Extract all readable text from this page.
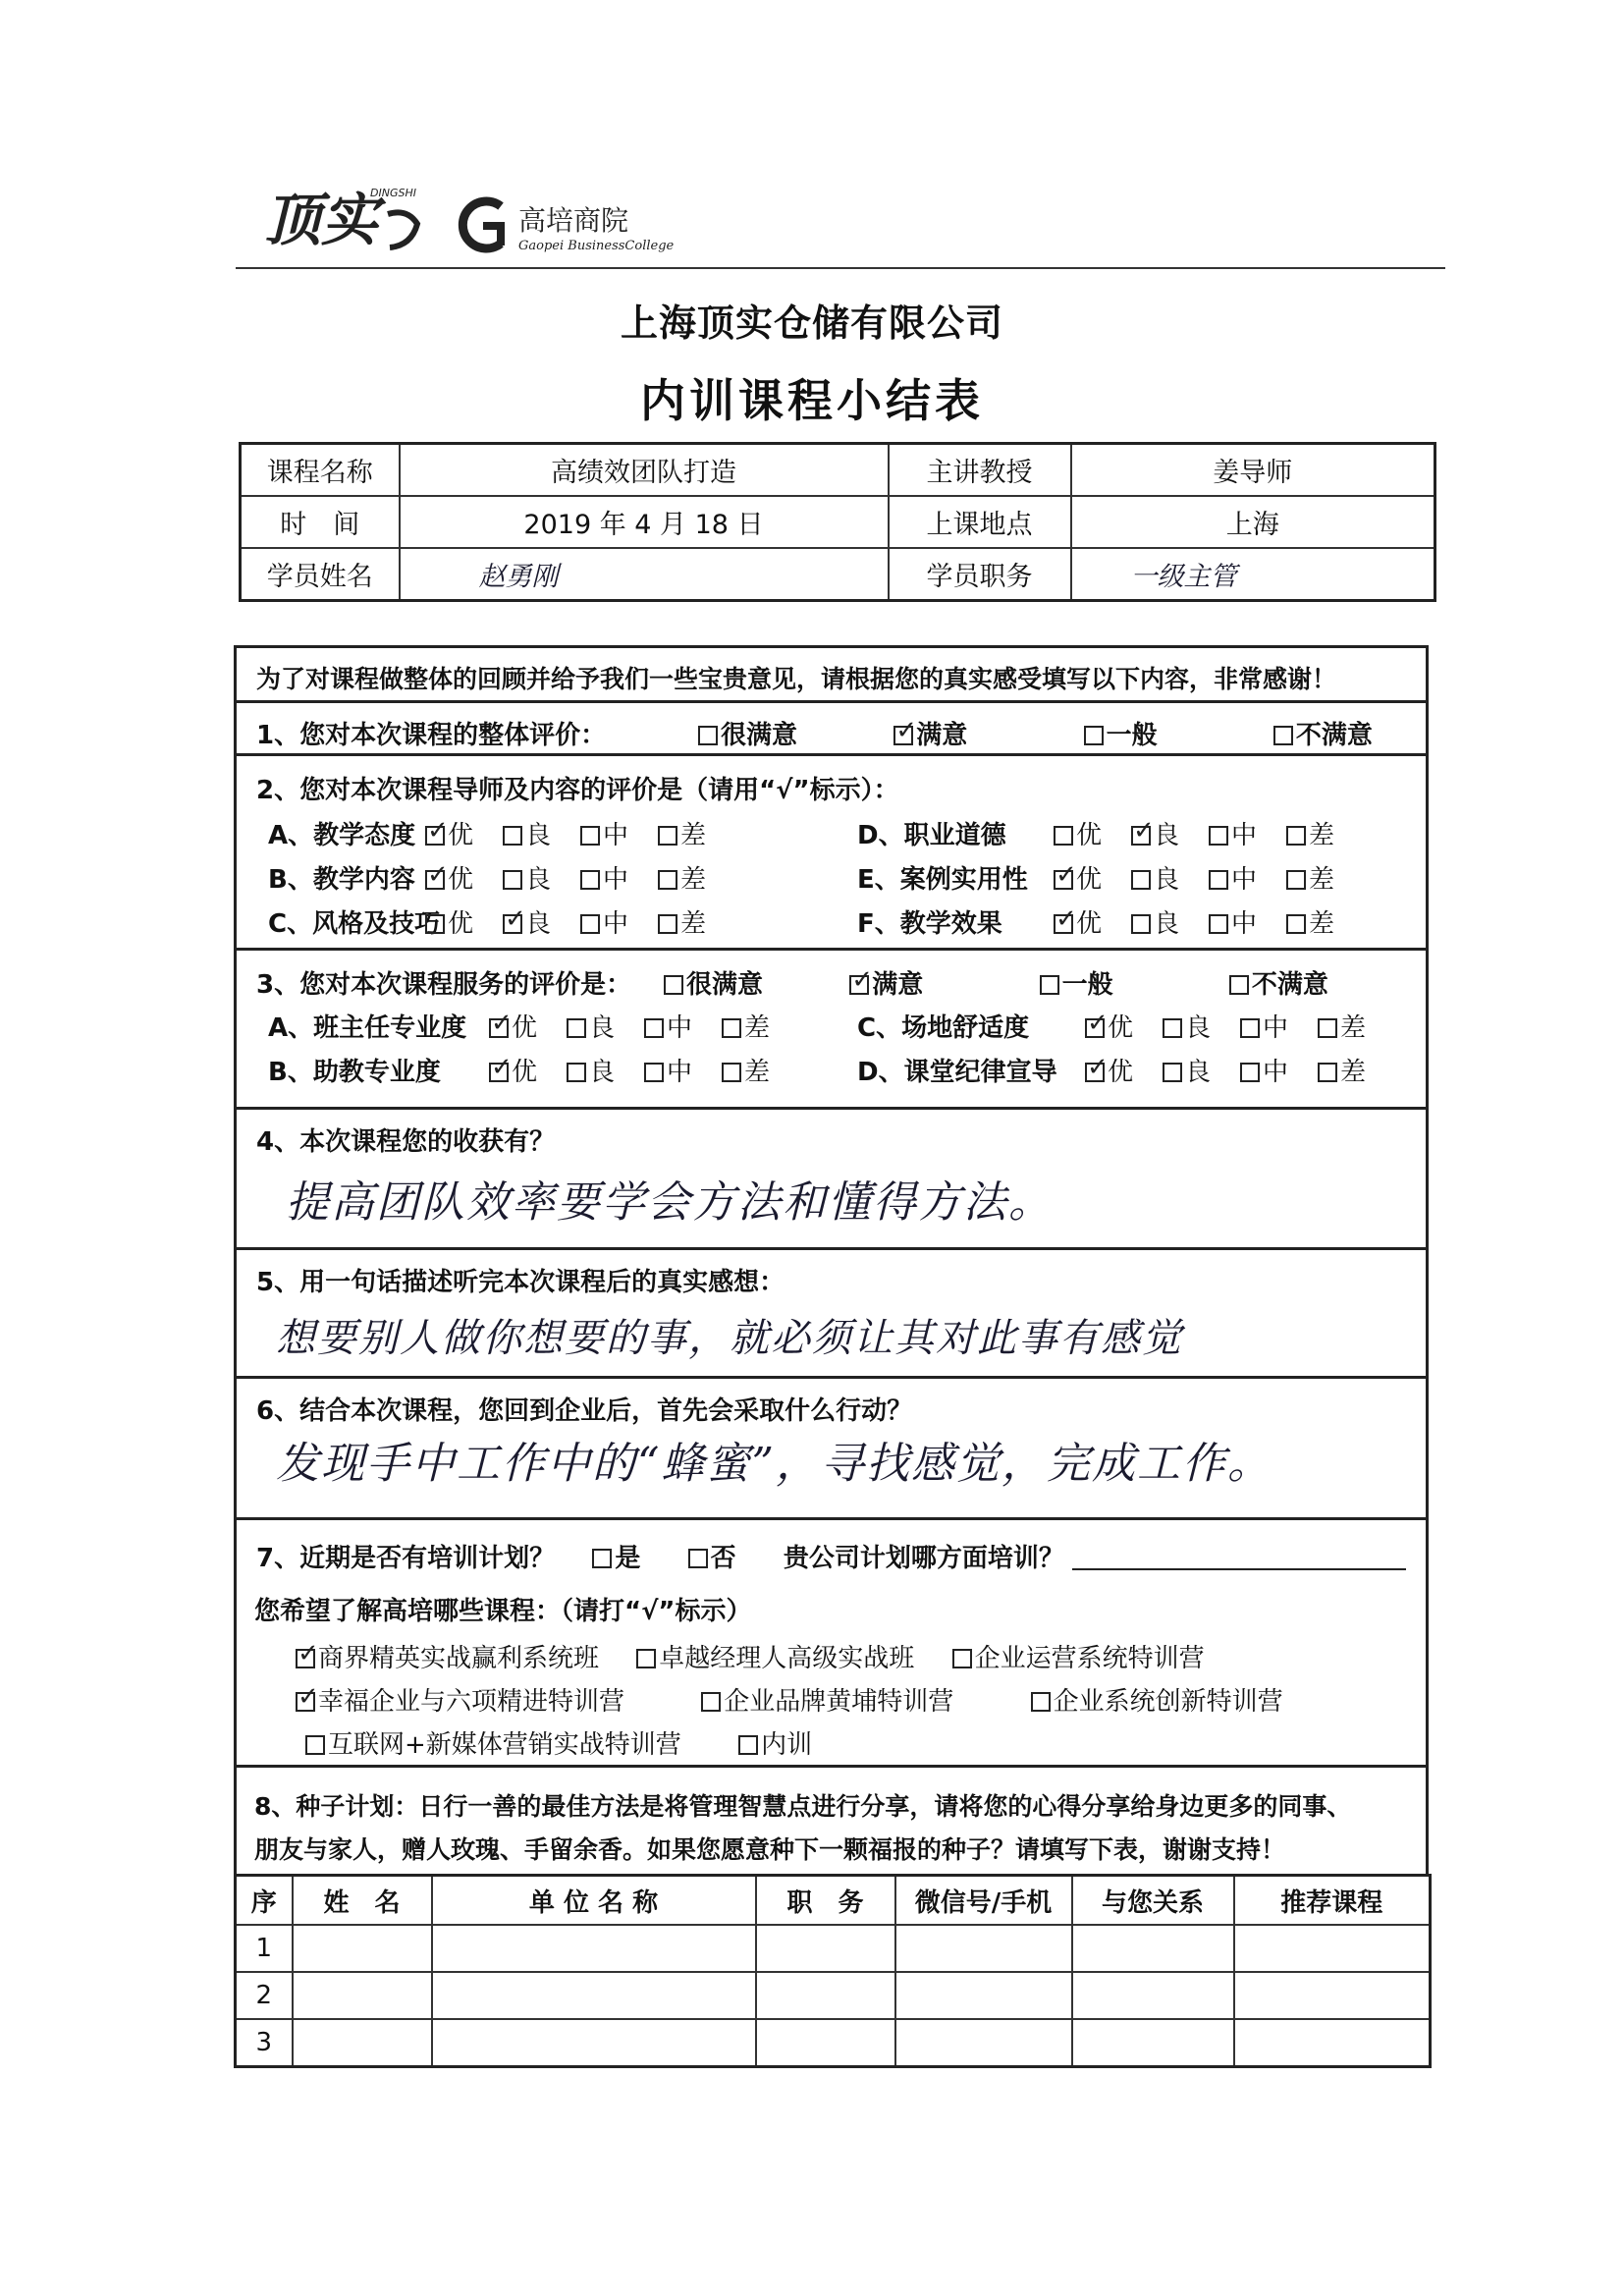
顶实
DINGSHI
高培商院
Gaopei BusinessCollege
上海顶实仓储有限公司
内训课程小结表
课程名称	高绩效团队打造	主讲教授	姜导师
时　间	2019 年 4 月 18 日	上课地点	上海
学员姓名	赵勇刚	学员职务	一级主管
为了对课程做整体的回顾并给予我们一些宝贵意见，请根据您的真实感受填写以下内容，非常感谢！
1、您对本次课程的整体评价：	很满意 ✓	满意	一般	不满意
2、您对本次课程导师及内容的评价是（请用“√”标示）：
A、教学态度 ✓ 优 良 中 差	D、职业道德	优 ✓ 良 中 差
B、教学内容 ✓ 优 良 中 差	E、案例实用性 ✓ 优 良 中 差
C、风格及技巧 优 ✓ 良 中 差	F、教学效果 ✓	优 良 中 差
3、您对本次课程服务的评价是：	很满意 ✓	满意	一般	不满意
A、班主任专业度 ✓ 优 良 中 差	C、场地舒适度 ✓	优 良 中 差
B、助教专业度 ✓	优 良 中 差	D、课堂纪律宣导 ✓ 优 良 中 差
4、本次课程您的收获有？
提高团队效率要学会方法和懂得方法。
5、用一句话描述听完本次课程后的真实感想：
想要别人做你想要的事，就必须让其对此事有感觉
6、结合本次课程，您回到企业后，首先会采取什么行动？
发现手中工作中的“蜂蜜”，寻找感觉，完成工作。
7、近期是否有培训计划？ 是	否 贵公司计划哪方面培训？
您希望了解高培哪些课程：（请打“√”标示）
✓商界精英实战赢利系统班 卓越经理人高级实战班 企业运营系统特训营
✓幸福企业与六项精进特训营	企业品牌黄埔特训营	企业系统创新特训营
互联网+新媒体营销实战特训营	内训
8、种子计划：日行一善的最佳方法是将管理智慧点进行分享，请将您的心得分享给身边更多的同事、
朋友与家人，赠人玫瑰、手留余香。如果您愿意种下一颗福报的种子？请填写下表，谢谢支持！
序	姓　名	单 位 名 称	职　务	微信号/手机	与您关系	推荐课程
1						
2						
3						
